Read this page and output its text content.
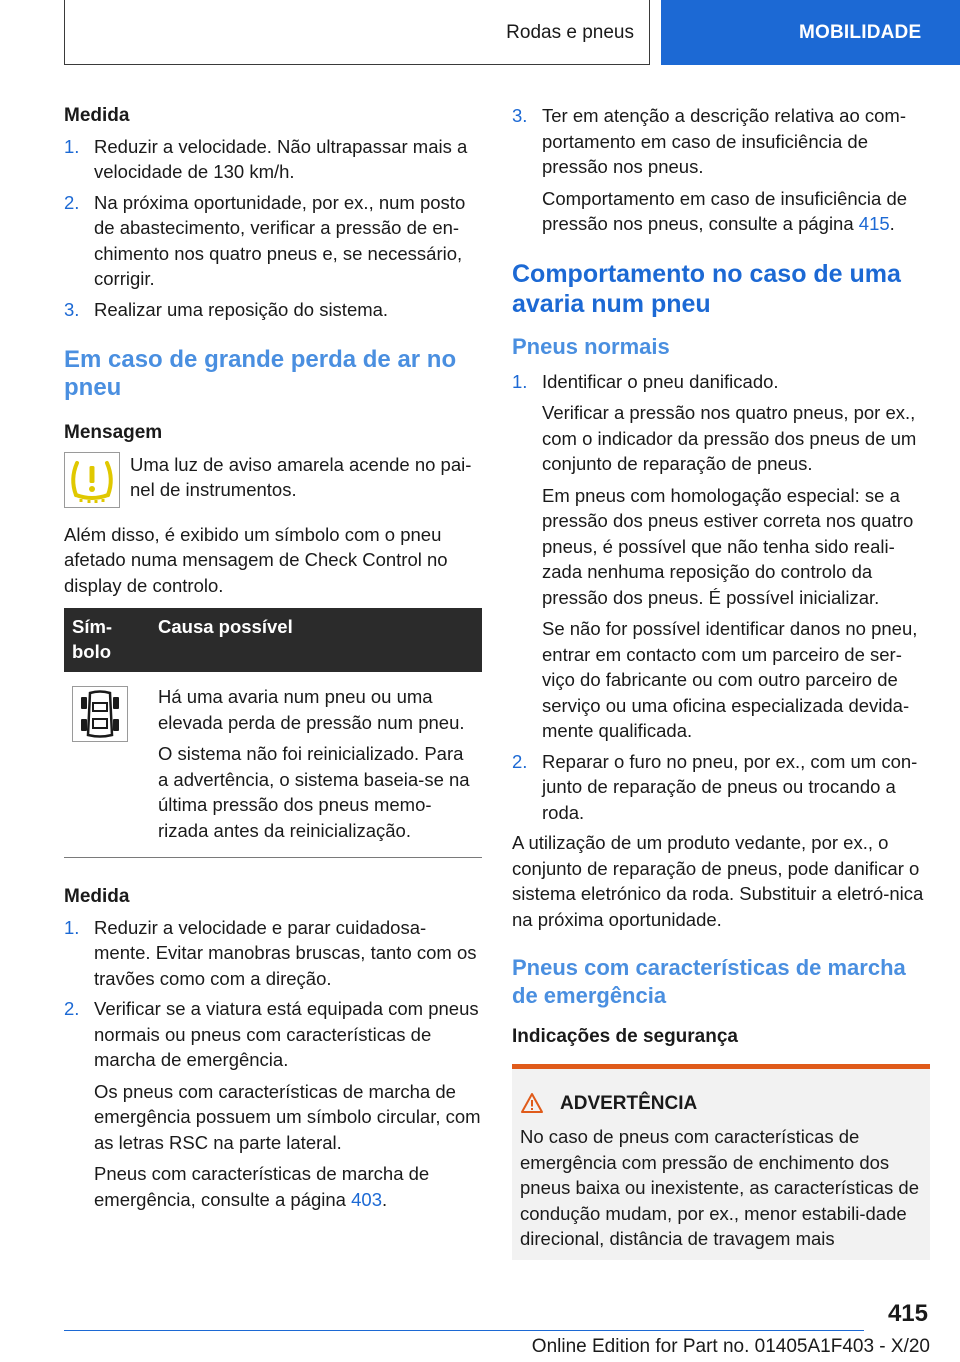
Rodas e pneus	MOBILIDADE
Medida
1. Reduzir a velocidade. Não ultrapassar mais a velocidade de 130 km/h.
2. Na próxima oportunidade, por ex., num posto de abastecimento, verificar a pressão de en-chimento nos quatro pneus e, se necessário, corrigir.
3. Realizar uma reposição do sistema.
Em caso de grande perda de ar no pneu
Mensagem
Uma luz de aviso amarela acende no pai-nel de instrumentos.
Além disso, é exibido um símbolo com o pneu afetado numa mensagem de Check Control no display de controlo.
Sím-bolo	Causa possível

Há uma avaria num pneu ou uma elevada perda de pressão num pneu.

O sistema não foi reinicializado. Para a advertência, o sistema baseia-se na última pressão dos pneus memo-rizada antes da reinicialização.

Medida
1. Reduzir a velocidade e parar cuidadosa-mente. Evitar manobras bruscas, tanto com os travões como com a direção.
2. Verificar se a viatura está equipada com pneus normais ou pneus com características de marcha de emergência.

Os pneus com características de marcha de emergência possuem um símbolo circular, com as letras RSC na parte lateral.

Pneus com características de marcha de emergência, consulte a página 403.

3. Ter em atenção a descrição relativa ao com-portamento em caso de insuficiência de pressão nos pneus.

Comportamento em caso de insuficiência de pressão nos pneus, consulte a página 415.

Comportamento no caso de uma avaria num pneu
Pneus normais
1. Identificar o pneu danificado.

Verificar a pressão nos quatro pneus, por ex., com o indicador da pressão dos pneus de um conjunto de reparação de pneus.

Em pneus com homologação especial: se a pressão dos pneus estiver correta nos quatro pneus, é possível que não tenha sido reali-zada nenhuma reposição do controlo da pressão dos pneus. É possível inicializar.

Se não for possível identificar danos no pneu, entrar em contacto com um parceiro de ser-viço do fabricante ou com outro parceiro de serviço ou uma oficina especializada devida-mente qualificada.

2. Reparar o furo no pneu, por ex., com um con-junto de reparação de pneus ou trocando a roda.
A utilização de um produto vedante, por ex., o conjunto de reparação de pneus, pode danificar o sistema eletrónico da roda. Substituir a eletró-nica na próxima oportunidade.
Pneus com características de marcha de emergência
Indicações de segurança
ADVERTÊNCIA
No caso de pneus com características de emergência com pressão de enchimento dos pneus baixa ou inexistente, as características de condução mudam, por ex., menor estabili-dade direcional, distância de travagem mais
415
Online Edition for Part no. 01405A1F403 - X/20
